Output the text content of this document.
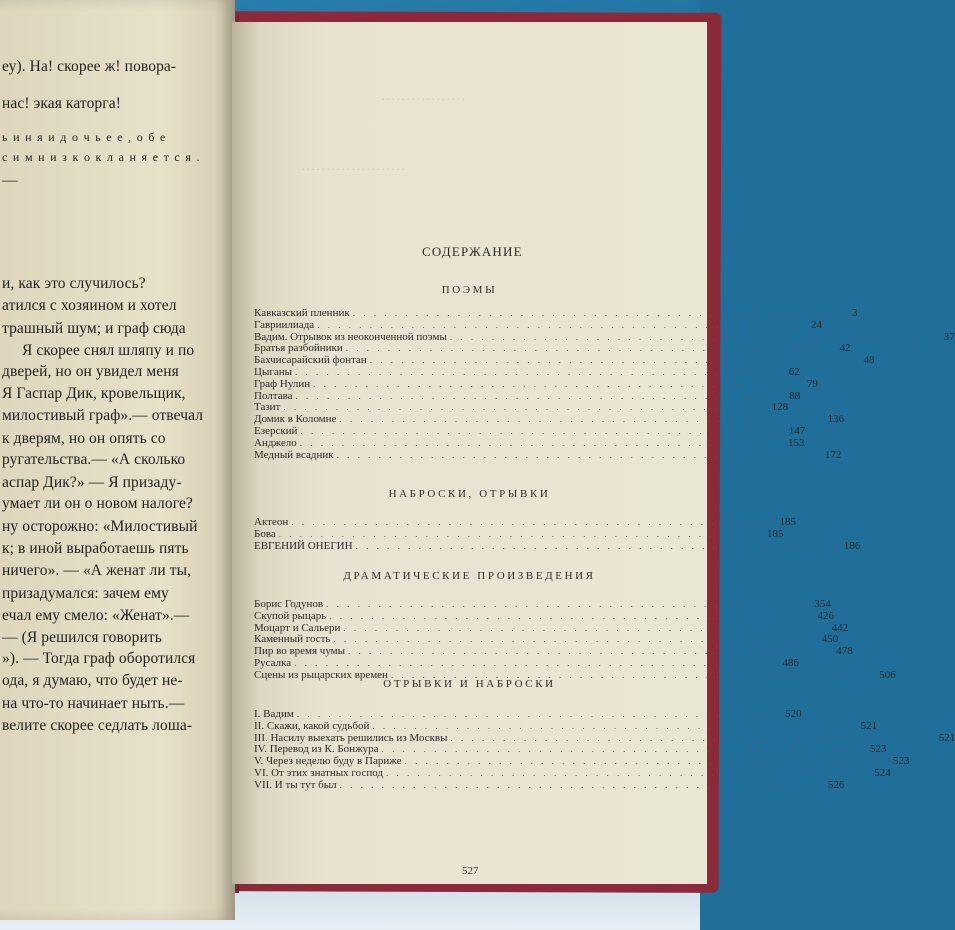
еу). На! скорее ж! повора-
нас! экая каторга!
ь и н я и д о ч ь е е , о б е
с и м н и з к о к л а н я е т с я .
—
и, как это случилось?
атился с хозяином и хотел
трашный шум; и граф сюда
Я скорее снял шляпу и по
дверей, но он увидел меня
Я Гаспар Дик, кровельщик,
милостивый граф».— отвечал
к дверям, но он опять со
ругательства.— «А сколько
аспар Дик?» — Я призаду-
умает ли он о новом налоге?
ну осторожно: «Милостивый
к; в иной выработаешь пять
ничего». — «А женат ли ты,
призадумался: зачем ему
ечал ему смело: «Женат».—
— (Я решился говорить
»). — Тогда граф оборотился
ода, я думаю, что будет не-
на что-то начинает ныть.—
велите скорее седлать лоша-
. . . . . . . . . . . . . . . . .
. . . . . . . . . . . . . . . . . . . . .
СОДЕРЖАНИЕ
ПОЭМЫ
Кавказский пленник . . . . . . . . . . . . . . . . . . . . . . . . . . . . . . . . . . . . . . . . . . . . . .	3
Гавриилиада . . . . . . . . . . . . . . . . . . . . . . . . . . . . . . . . . . . . . . . . . . . . . .	24
Вадим. Отрывок из неоконченной поэмы . . . . . . . . . . . . . . . . . . . . . . . . . . . . . . . . . . . . . . . . . . . . . .	37
Братья разбойники . . . . . . . . . . . . . . . . . . . . . . . . . . . . . . . . . . . . . . . . . . . . . .	42
Бахчисарайский фонтан . . . . . . . . . . . . . . . . . . . . . . . . . . . . . . . . . . . . . . . . . . . . . .	48
Цыганы . . . . . . . . . . . . . . . . . . . . . . . . . . . . . . . . . . . . . . . . . . . . . .	62
Граф Нулин . . . . . . . . . . . . . . . . . . . . . . . . . . . . . . . . . . . . . . . . . . . . . .	79
Полтава . . . . . . . . . . . . . . . . . . . . . . . . . . . . . . . . . . . . . . . . . . . . . .	88
Тазит . . . . . . . . . . . . . . . . . . . . . . . . . . . . . . . . . . . . . . . . . . . . . . 128
Домик в Коломне . . . . . . . . . . . . . . . . . . . . . . . . . . . . . . . . . . . . . . . . . . . . . . 136
Езерский . . . . . . . . . . . . . . . . . . . . . . . . . . . . . . . . . . . . . . . . . . . . . . 147
Анджело . . . . . . . . . . . . . . . . . . . . . . . . . . . . . . . . . . . . . . . . . . . . . . 153
Медный всадник . . . . . . . . . . . . . . . . . . . . . . . . . . . . . . . . . . . . . . . . . . . . . . 172
НАБРОСКИ, ОТРЫВКИ
Актеон . . . . . . . . . . . . . . . . . . . . . . . . . . . . . . . . . . . . . . . . . . . . . . 185
Бова . . . . . . . . . . . . . . . . . . . . . . . . . . . . . . . . . . . . . . . . . . . . . . 185
ЕВГЕНИЙ ОНЕГИН . . . . . . . . . . . . . . . . . . . . . . . . . . . . . . . . . . . . . . . . . . . . . . 186
ДРАМАТИЧЕСКИЕ ПРОИЗВЕДЕНИЯ
Борис Годунов . . . . . . . . . . . . . . . . . . . . . . . . . . . . . . . . . . . . . . . . . . . . . . 354
Скупой рыцарь . . . . . . . . . . . . . . . . . . . . . . . . . . . . . . . . . . . . . . . . . . . . . . 426
Моцарт и Сальери . . . . . . . . . . . . . . . . . . . . . . . . . . . . . . . . . . . . . . . . . . . . . . 442
Каменный гость . . . . . . . . . . . . . . . . . . . . . . . . . . . . . . . . . . . . . . . . . . . . . . 450
Пир во время чумы . . . . . . . . . . . . . . . . . . . . . . . . . . . . . . . . . . . . . . . . . . . . . . 478
Русалка . . . . . . . . . . . . . . . . . . . . . . . . . . . . . . . . . . . . . . . . . . . . . . 486
Сцены из рыцарских времен . . . . . . . . . . . . . . . . . . . . . . . . . . . . . . . . . . . . . . . . . . . . . . 506
ОТРЫВКИ И НАБРОСКИ
I. Вадим . . . . . . . . . . . . . . . . . . . . . . . . . . . . . . . . . . . . . . . . . . . . . . 520
II. Скажи, какой судьбой . . . . . . . . . . . . . . . . . . . . . . . . . . . . . . . . . . . . . . . . . . . . . . 521
III. Насилу выехать решились из Москвы . . . . . . . . . . . . . . . . . . . . . . . . . . . . . . . . . . . . . . . . . . . . . . 521
IV. Перевод из К. Бонжура . . . . . . . . . . . . . . . . . . . . . . . . . . . . . . . . . . . . . . . . . . . . . . 523
V. Через неделю буду в Париже . . . . . . . . . . . . . . . . . . . . . . . . . . . . . . . . . . . . . . . . . . . . . . 523
VI. От этих знатных господ . . . . . . . . . . . . . . . . . . . . . . . . . . . . . . . . . . . . . . . . . . . . . . 524
VII. И ты тут был . . . . . . . . . . . . . . . . . . . . . . . . . . . . . . . . . . . . . . . . . . . . . . 526
527
